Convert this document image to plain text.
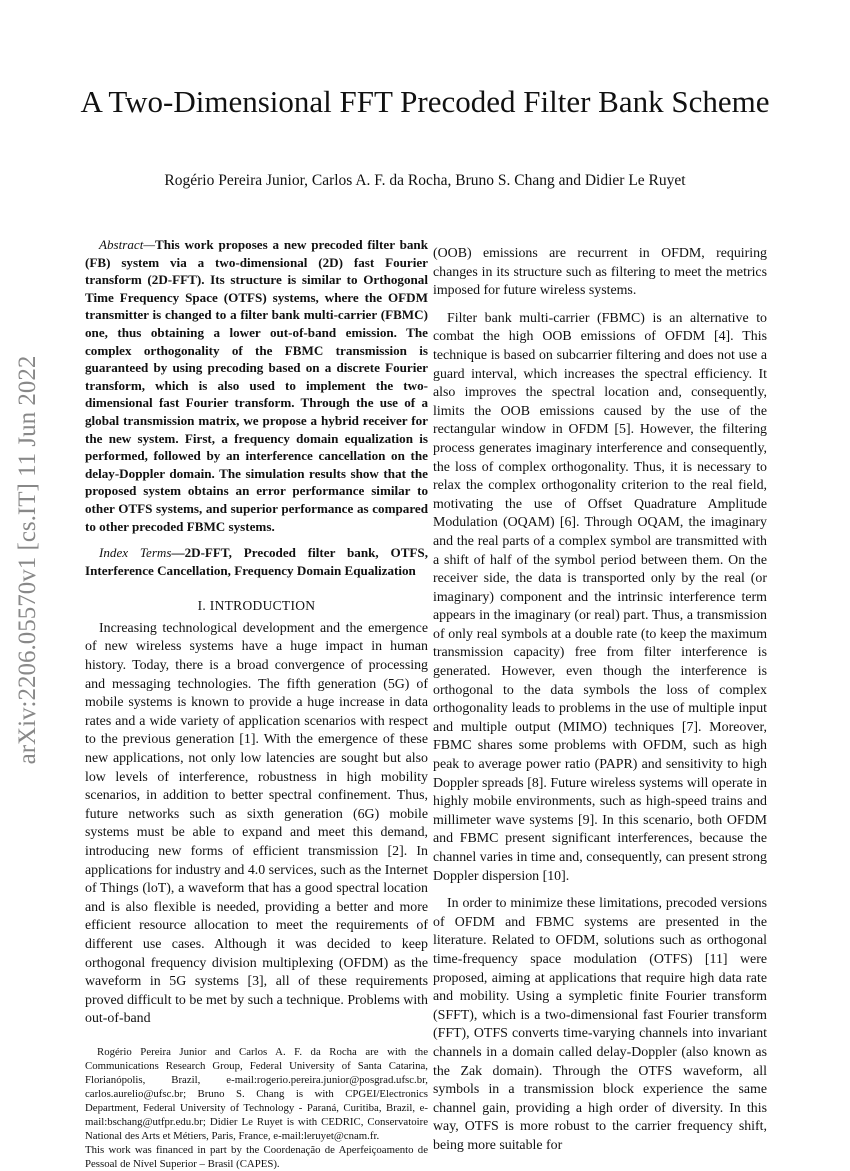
arXiv:2206.05570v1 [cs.IT] 11 Jun 2022
A Two-Dimensional FFT Precoded Filter Bank Scheme
Rogério Pereira Junior, Carlos A. F. da Rocha, Bruno S. Chang and Didier Le Ruyet

Abstract—This work proposes a new precoded filter bank (FB) system via a two-dimensional (2D) fast Fourier transform (2D-FFT). Its structure is similar to Orthogonal Time Frequency Space (OTFS) systems, where the OFDM transmitter is changed to a filter bank multi-carrier (FBMC) one, thus obtaining a lower out-of-band emission. The complex orthogonality of the FBMC transmission is guaranteed by using precoding based on a discrete Fourier transform, which is also used to implement the two-dimensional fast Fourier transform. Through the use of a global transmission matrix, we propose a hybrid receiver for the new system. First, a frequency domain equalization is performed, followed by an interference cancellation on the delay-Doppler domain. The simulation results show that the proposed system obtains an error performance similar to other OTFS systems, and superior performance as compared to other precoded FBMC systems.

Index Terms—2D-FFT, Precoded filter bank, OTFS, Interference Cancellation, Frequency Domain Equalization

I. INTRODUCTION

Increasing technological development and the emergence of new wireless systems have a huge impact in human history. Today, there is a broad convergence of processing and messaging technologies. The fifth generation (5G) of mobile systems is known to provide a huge increase in data rates and a wide variety of application scenarios with respect to the previous generation [1]. With the emergence of these new applications, not only low latencies are sought but also low levels of interference, robustness in high mobility scenarios, in addition to better spectral confinement. Thus, future networks such as sixth generation (6G) mobile systems must be able to expand and meet this demand, introducing new forms of efficient transmission [2]. In applications for industry and 4.0 services, such as the Internet of Things (loT), a waveform that has a good spectral location and is also flexible is needed, providing a better and more efficient resource allocation to meet the requirements of different use cases. Although it was decided to keep orthogonal frequency division multiplexing (OFDM) as the waveform in 5G systems [3], all of these requirements proved difficult to be met by such a technique. Problems with out-of-band

Rogério Pereira Junior and Carlos A. F. da Rocha are with the Communications Research Group, Federal University of Santa Catarina, Florianópolis, Brazil, e-mail:rogerio.pereira.junior@posgrad.ufsc.br, carlos.aurelio@ufsc.br; Bruno S. Chang is with CPGEI/Electronics Department, Federal University of Technology - Paraná, Curitiba, Brazil, e-mail:bschang@utfpr.edu.br; Didier Le Ruyet is with CEDRIC, Conservatoire National des Arts et Métiers, Paris, France, e-mail:leruyet@cnam.fr.

This work was financed in part by the Coordenação de Aperfeiçoamento de Pessoal de Nível Superior – Brasil (CAPES).

(OOB) emissions are recurrent in OFDM, requiring changes in its structure such as filtering to meet the metrics imposed for future wireless systems.

Filter bank multi-carrier (FBMC) is an alternative to combat the high OOB emissions of OFDM [4]. This technique is based on subcarrier filtering and does not use a guard interval, which increases the spectral efficiency. It also improves the spectral location and, consequently, limits the OOB emissions caused by the use of the rectangular window in OFDM [5]. However, the filtering process generates imaginary interference and consequently, the loss of complex orthogonality. Thus, it is necessary to relax the complex orthogonality criterion to the real field, motivating the use of Offset Quadrature Amplitude Modulation (OQAM) [6]. Through OQAM, the imaginary and the real parts of a complex symbol are transmitted with a shift of half of the symbol period between them. On the receiver side, the data is transported only by the real (or imaginary) component and the intrinsic interference term appears in the imaginary (or real) part. Thus, a transmission of only real symbols at a double rate (to keep the maximum transmission capacity) free from filter interference is generated. However, even though the interference is orthogonal to the data symbols the loss of complex orthogonality leads to problems in the use of multiple input and multiple output (MIMO) techniques [7]. Moreover, FBMC shares some problems with OFDM, such as high peak to average power ratio (PAPR) and sensitivity to high Doppler spreads [8]. Future wireless systems will operate in highly mobile environments, such as high-speed trains and millimeter wave systems [9]. In this scenario, both OFDM and FBMC present significant interferences, because the channel varies in time and, consequently, can present strong Doppler dispersion [10].

In order to minimize these limitations, precoded versions of OFDM and FBMC systems are presented in the literature. Related to OFDM, solutions such as orthogonal time-frequency space modulation (OTFS) [11] were proposed, aiming at applications that require high data rate and mobility. Using a sympletic finite Fourier transform (SFFT), which is a two-dimensional fast Fourier transform (FFT), OTFS converts time-varying channels into invariant channels in a domain called delay-Doppler (also known as the Zak domain). Through the OTFS waveform, all symbols in a transmission block experience the same channel gain, providing a high order of diversity. In this way, OTFS is more robust to the carrier frequency shift, being more suitable for
